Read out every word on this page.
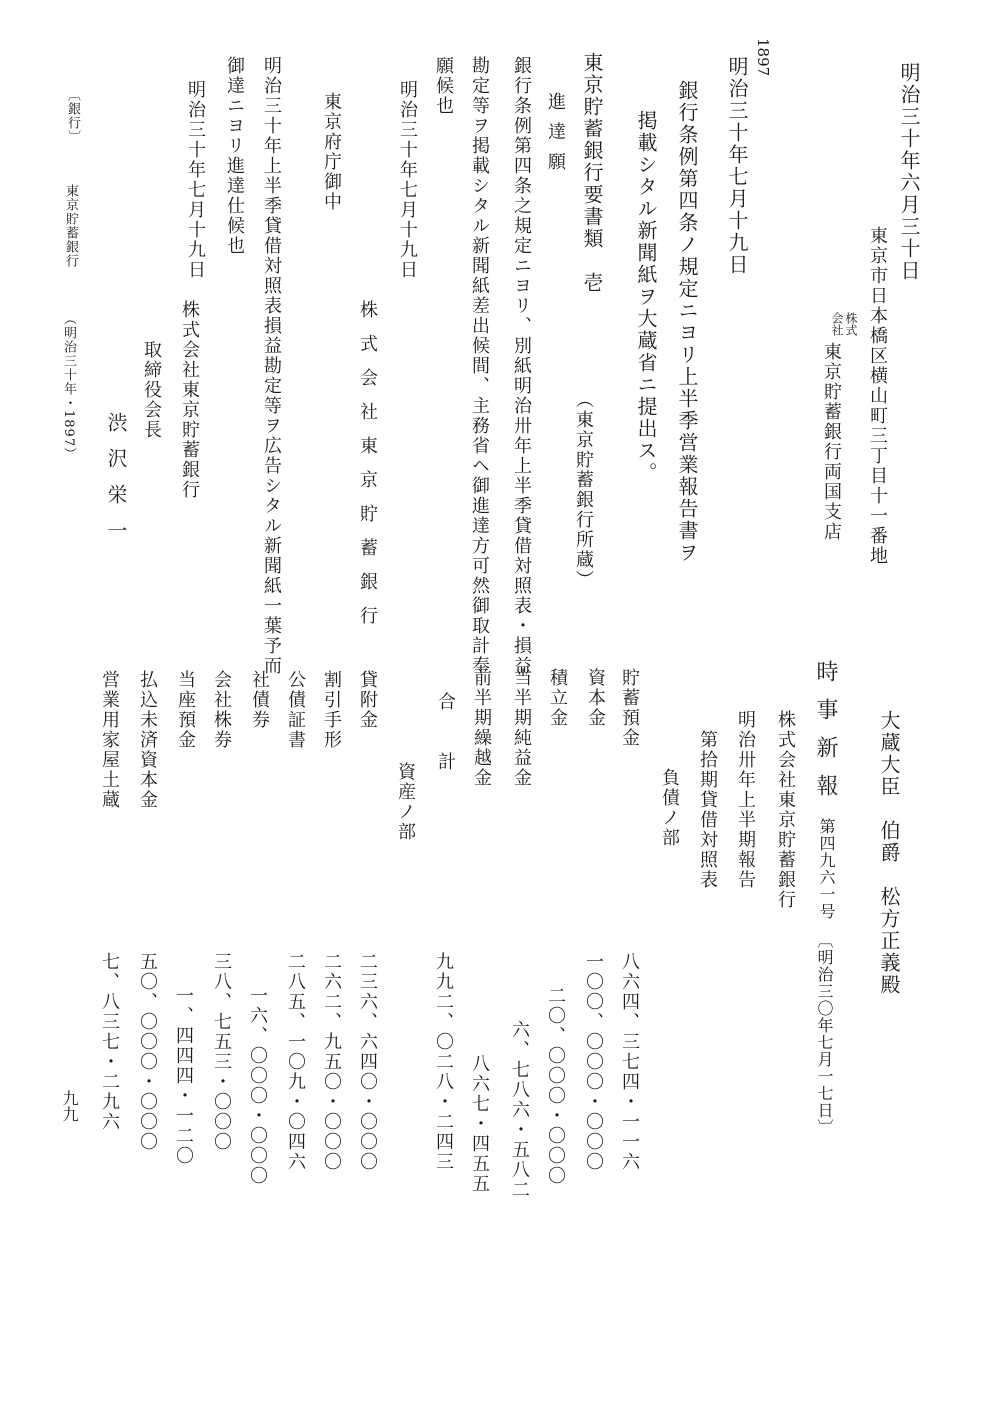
明治三十年六月三十日
東京市日本橋区横山町三丁目十一番地
株式
会社
東京貯蓄銀行両国支店
1897
明治三十年七月十九日
銀行条例第四条ノ規定ニヨリ上半季営業報告書ヲ
掲載シタル新聞紙ヲ大蔵省ニ提出ス。
東京貯蓄銀行要書類　壱
（東京貯蓄銀行所蔵）
進達願
銀行条例第四条之規定ニヨリ、別紙明治卅年上半季貸借対照表・損益
勘定等ヲ掲載シタル新聞紙差出候間、主務省ヘ御進達方可然御取計奉
願候也
明治三十年七月十九日
株式会社東京貯蓄銀行
東京府庁御中
明治三十年上半季貸借対照表損益勘定等ヲ広告シタル新聞紙一葉予而
御達ニヨリ進達仕候也
明治三十年七月十九日
株式会社東京貯蓄銀行
取締役会長
渋沢栄一
〔銀行〕
東京貯蓄銀行
（明治三十年・1897）
大蔵大臣　伯爵　松方正義殿
時事新報
第四九六一号
〔明治三〇年七月一七日〕
株式会社東京貯蓄銀行
明治卅年上半期報告
第拾期貸借対照表
負債ノ部
貯蓄預金
資本金
積立金
当半期純益金
前半期繰越金
合　計
八六四、三七四・一一六
一〇〇、〇〇〇・〇〇〇
二〇、〇〇〇・〇〇〇
六、七八六・五八二
八六七・四五五
九九二、〇二八・二四三
資産ノ部
貸附金
割引手形
公債証書
社債券
会社株券
当座預金
払込未済資本金
営業用家屋土蔵
二三六、六四〇・〇〇〇
二六二、九五〇・〇〇〇
二八五、一〇九・〇四六
一六、〇〇〇・〇〇〇
三八、七五三・〇〇〇
一、四四四・一二〇
五〇、〇〇〇・〇〇〇
七、八三七・二九六
九九
